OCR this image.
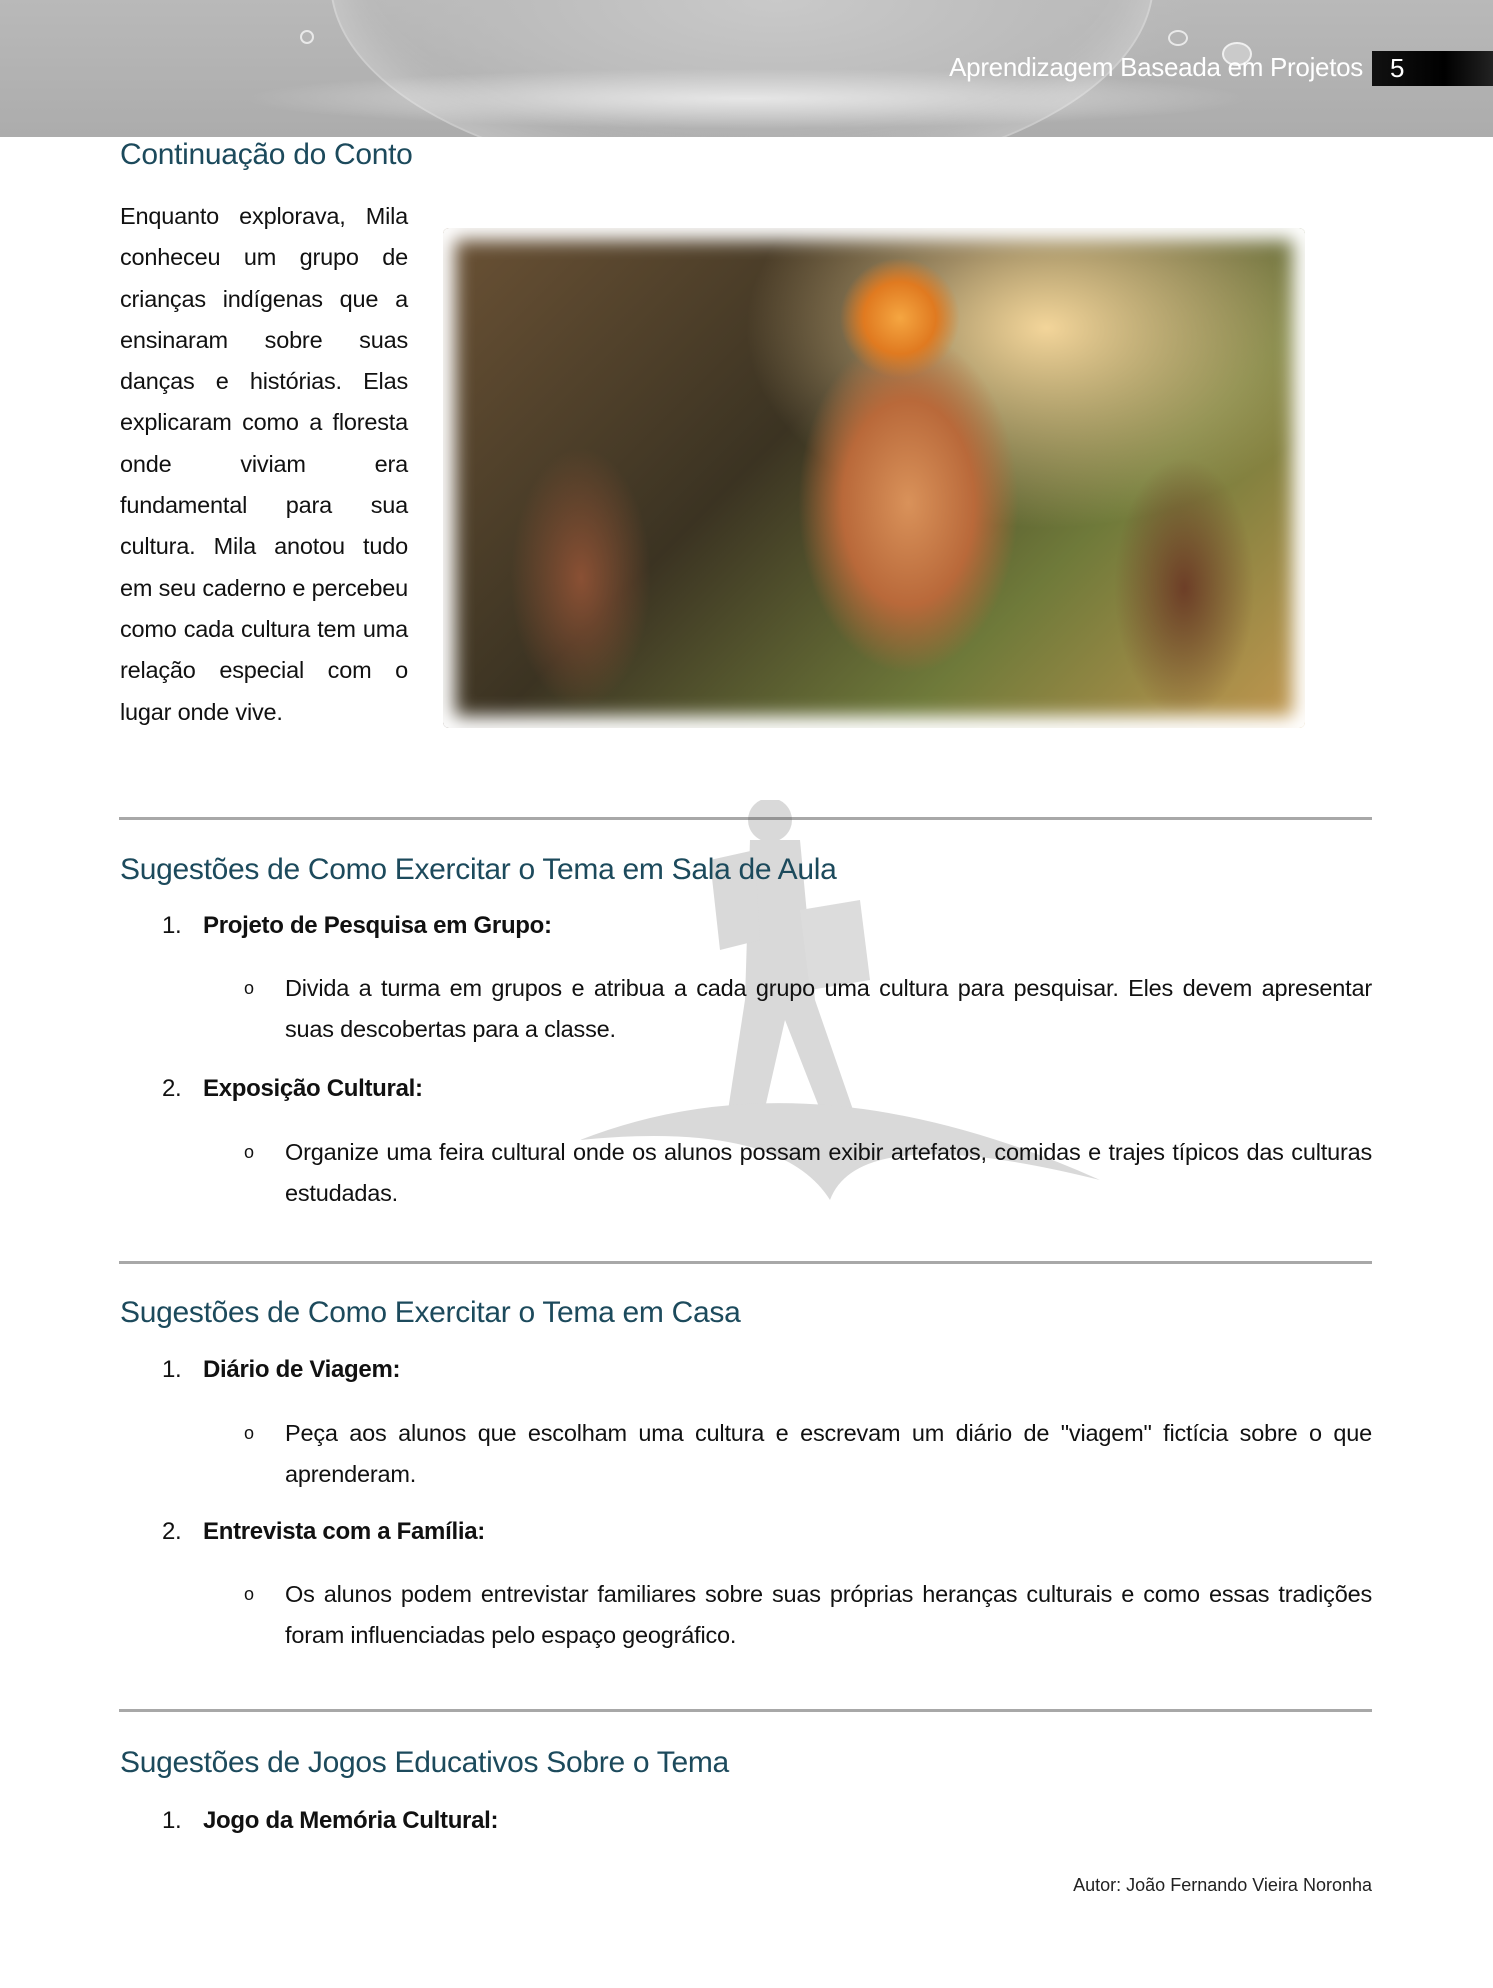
Aprendizagem Baseada em Projetos	5
Continuação do Conto
Enquanto explorava, Mila conheceu um grupo de crianças indígenas que a ensinaram sobre suas danças e histórias. Elas explicaram como a floresta onde viviam era fundamental para sua cultura. Mila anotou tudo em seu caderno e percebeu como cada cultura tem uma relação especial com o lugar onde vive.
Sugestões de Como Exercitar o Tema em Sala de Aula
1. Projeto de Pesquisa em Grupo:
o Divida a turma em grupos e atribua a cada grupo uma cultura para pesquisar. Eles devem apresentar suas descobertas para a classe.
2. Exposição Cultural:
o Organize uma feira cultural onde os alunos possam exibir artefatos, comidas e trajes típicos das culturas estudadas.
Sugestões de Como Exercitar o Tema em Casa
1. Diário de Viagem:
o Peça aos alunos que escolham uma cultura e escrevam um diário de "viagem" fictícia sobre o que aprenderam.
2. Entrevista com a Família:
o Os alunos podem entrevistar familiares sobre suas próprias heranças culturais e como essas tradições foram influenciadas pelo espaço geográfico.
Sugestões de Jogos Educativos Sobre o Tema
1. Jogo da Memória Cultural:
Autor: João Fernando Vieira Noronha
